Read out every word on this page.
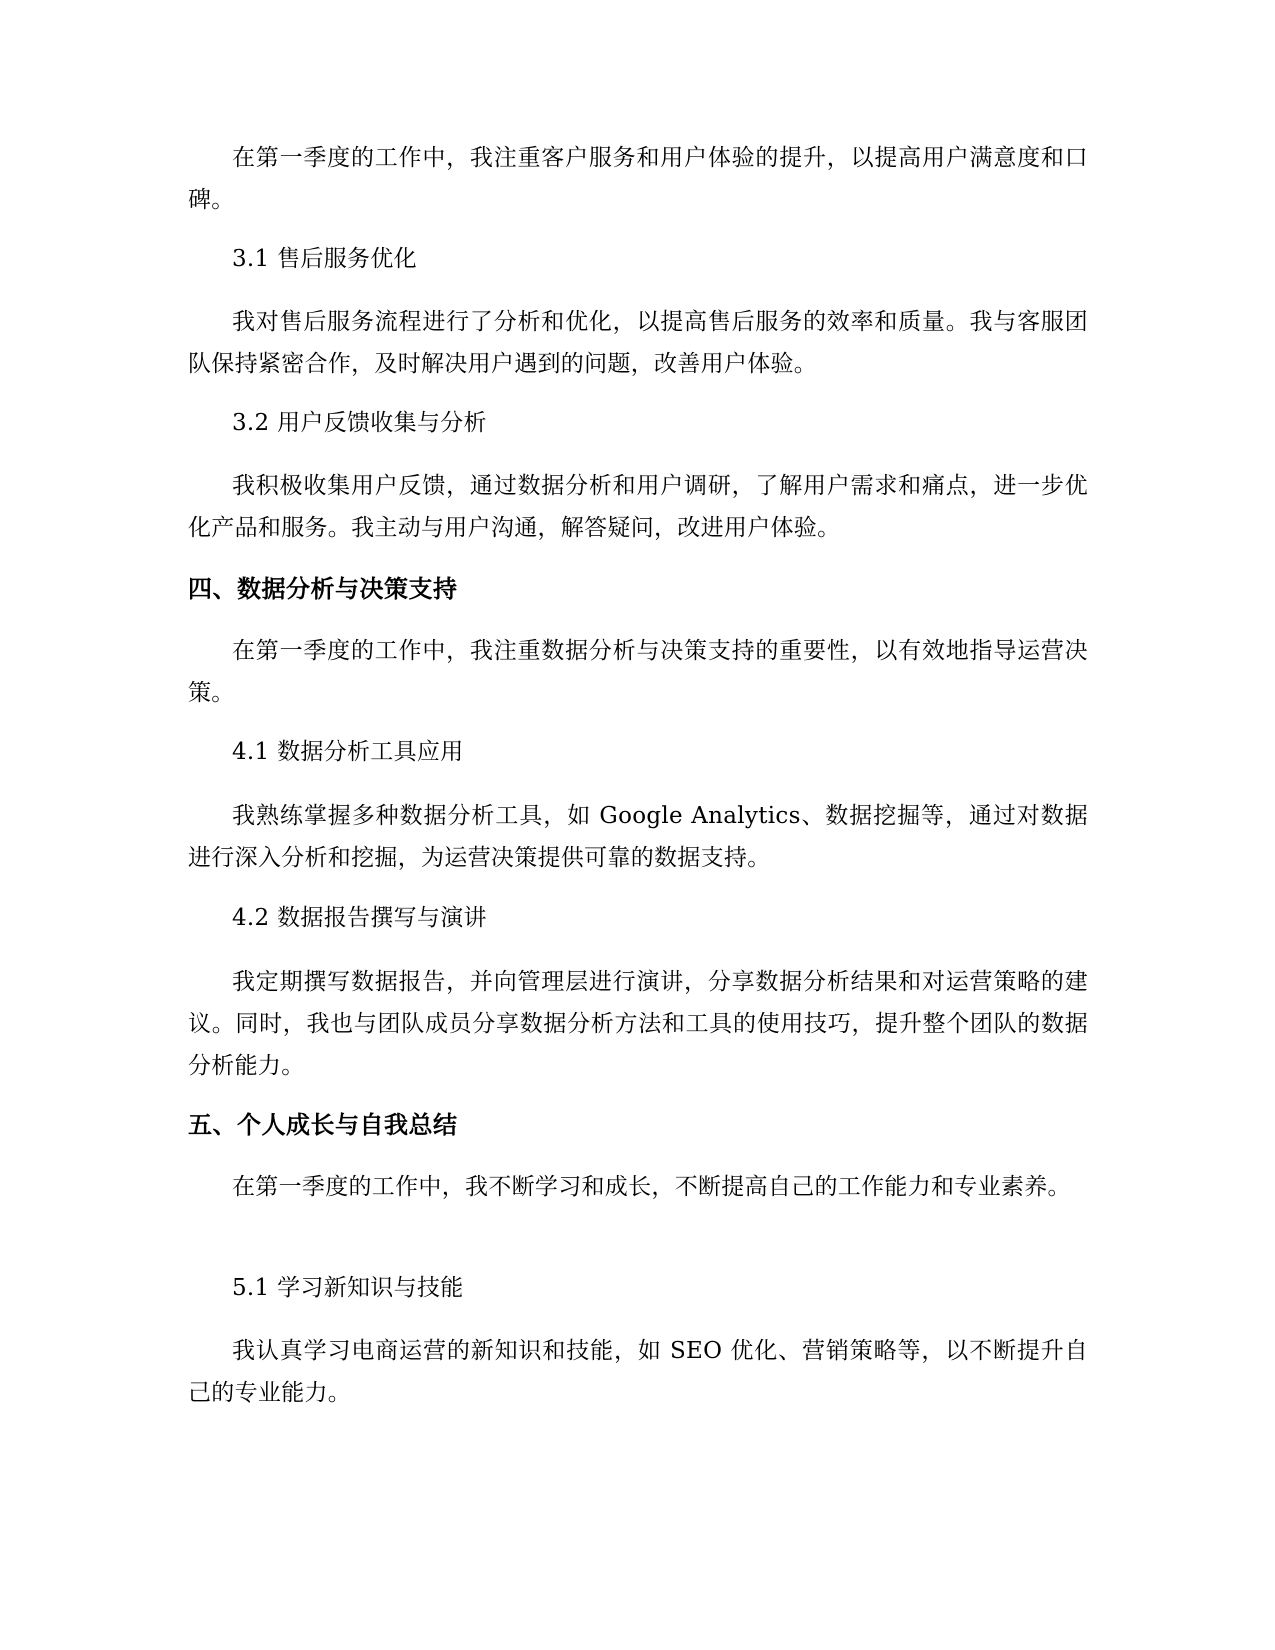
在第一季度的工作中，我注重客户服务和用户体验的提升，以提高用户满意度和口碑。

3.1 售后服务优化

我对售后服务流程进行了分析和优化，以提高售后服务的效率和质量。我与客服团队保持紧密合作，及时解决用户遇到的问题，改善用户体验。

3.2 用户反馈收集与分析

我积极收集用户反馈，通过数据分析和用户调研，了解用户需求和痛点，进一步优化产品和服务。我主动与用户沟通，解答疑问，改进用户体验。

四、数据分析与决策支持

在第一季度的工作中，我注重数据分析与决策支持的重要性，以有效地指导运营决策。

4.1 数据分析工具应用

我熟练掌握多种数据分析工具，如 Google Analytics、数据挖掘等，通过对数据进行深入分析和挖掘，为运营决策提供可靠的数据支持。

4.2 数据报告撰写与演讲

我定期撰写数据报告，并向管理层进行演讲，分享数据分析结果和对运营策略的建议。同时，我也与团队成员分享数据分析方法和工具的使用技巧，提升整个团队的数据分析能力。

五、个人成长与自我总结

在第一季度的工作中，我不断学习和成长，不断提高自己的工作能力和专业素养。

5.1 学习新知识与技能

我认真学习电商运营的新知识和技能，如 SEO 优化、营销策略等，以不断提升自己的专业能力。
